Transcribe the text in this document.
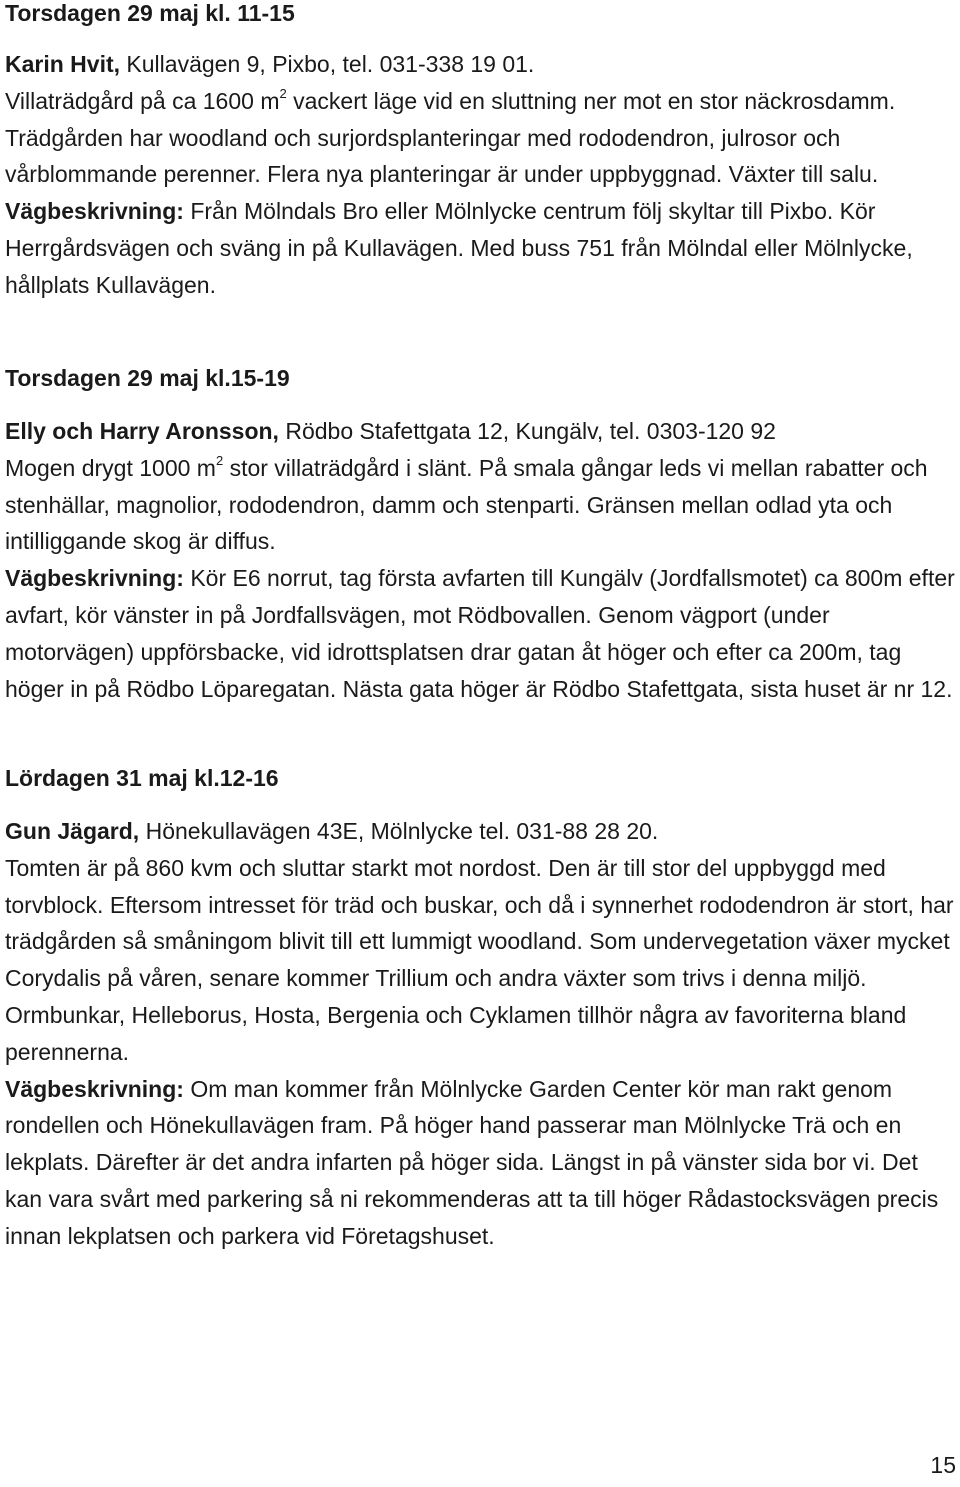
Torsdagen 29 maj kl. 11-15

Karin Hvit, Kullavägen 9, Pixbo, tel. 031-338 19 01.

Villaträdgård på ca 1600 $m^2$ vackert läge vid en sluttning ner mot en stor näckrosdamm. Trädgården har woodland och surjordsplanteringar med rododendron, julrosor och vårblommande perenner. Flera nya planteringar är under uppbyggnad. Växter till salu. Vägbeskrivning: Från Mölndals Bro eller Mölnlycke centrum följ skyltar till Pixbo. Kör Herrgårdsvägen och sväng in på Kullavägen. Med buss 751 från Mölndal eller Mölnlycke, hållplats Kullavägen.

Torsdagen 29 maj kl.15-19

Elly och Harry Aronsson, Rödbo Stafettgata 12, Kungälv, tel. 0303-120 92

Mogen drygt 1000 $m^2$ stor villaträdgård i slänt. På smala gångar leds vi mellan rabatter och stenhällar, magnolior, rododendron, damm och stenparti. Gränsen mellan odlad yta och intilliggande skog är diffus.

Vägbeskrivning: Kör E6 norrut, tag första avfarten till Kungälv (Jordfallsmotet) ca 800m efter avfart, kör vänster in på Jordfallsvägen, mot Rödbovallen. Genom vägport (under motorvägen) uppförsbacke, vid idrottsplatsen drar gatan åt höger och efter ca 200m, tag höger in på Rödbo Löparegatan. Nästa gata höger är Rödbo Stafettgata, sista huset är nr 12.

Lördagen 31 maj kl.12-16

Gun Jägard, Hönekullavägen 43E, Mölnlycke tel. 031-88 28 20.

Tomten är på 860 kvm och sluttar starkt mot nordost. Den är till stor del uppbyggd med torvblock. Eftersom intresset för träd och buskar, och då i synnerhet rododendron är stort, har trädgården så småningom blivit till ett lummigt woodland. Som undervegetation växer mycket Corydalis på våren, senare kommer Trillium och andra växter som trivs i denna miljö. Ormbunkar, Helleborus, Hosta, Bergenia och Cyklamen tillhör några av favoriterna bland perennerna.

Vägbeskrivning: Om man kommer från Mölnlycke Garden Center kör man rakt genom rondellen och Hönekullavägen fram. På höger hand passerar man Mölnlycke Trä och en lekplats. Därefter är det andra infarten på höger sida. Längst in på vänster sida bor vi. Det kan vara svårt med parkering så ni rekommenderas att ta till höger Rådastocksvägen precis innan lekplatsen och parkera vid Företagshuset.

15
